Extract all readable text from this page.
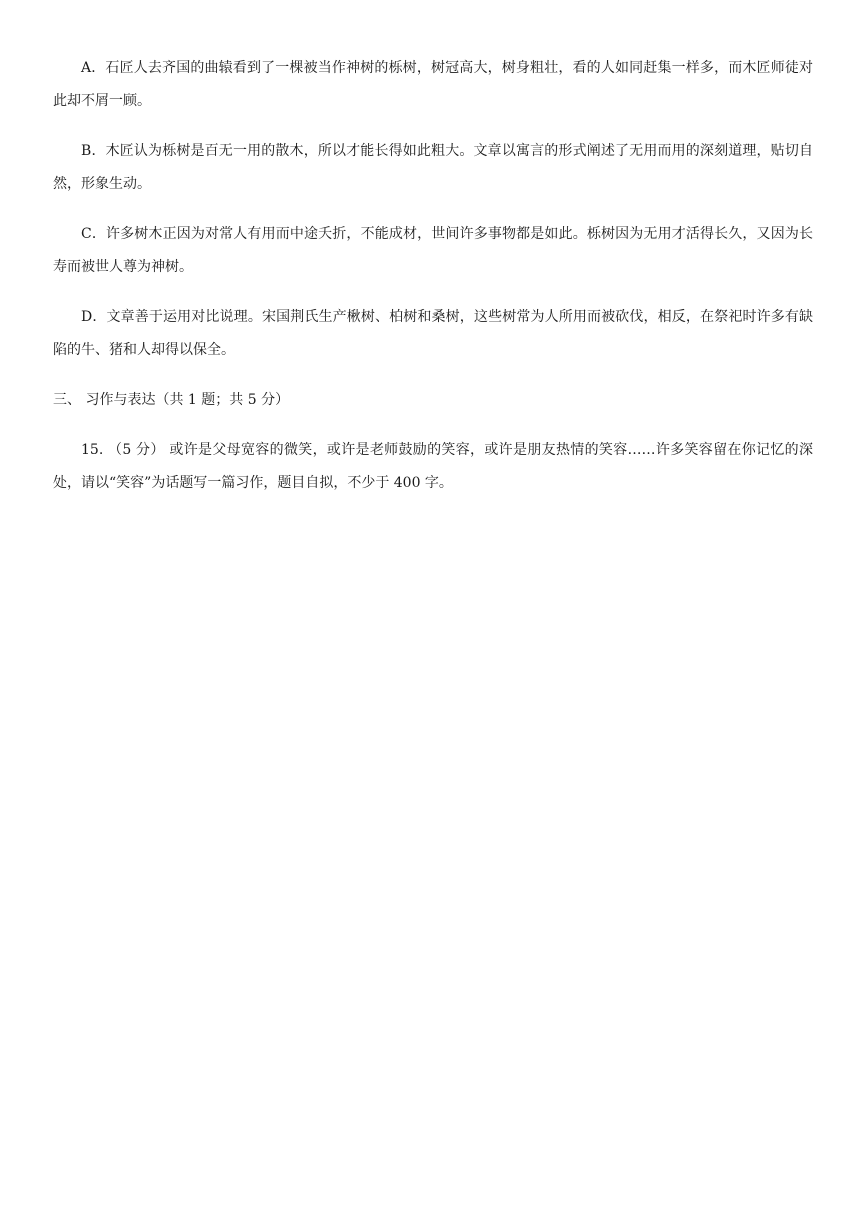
A．石匠人去齐国的曲辕看到了一棵被当作神树的栎树，树冠高大，树身粗壮，看的人如同赶集一样多，而木匠师徒对此却不屑一顾。

B．木匠认为栎树是百无一用的散木，所以才能长得如此粗大。文章以寓言的形式阐述了无用而用的深刻道理，贴切自然，形象生动。

C．许多树木正因为对常人有用而中途夭折，不能成材，世间许多事物都是如此。栎树因为无用才活得长久，又因为长寿而被世人尊为神树。

D．文章善于运用对比说理。宋国荆氏生产楸树、柏树和桑树，这些树常为人所用而被砍伐，相反，在祭祀时许多有缺陷的牛、猪和人却得以保全。

三、 习作与表达（共 1 题；共 5 分）

15. （5 分） 或许是父母宽容的微笑，或许是老师鼓励的笑容，或许是朋友热情的笑容……许多笑容留在你记忆的深处，请以“笑容”为话题写一篇习作，题目自拟，不少于 400 字。
